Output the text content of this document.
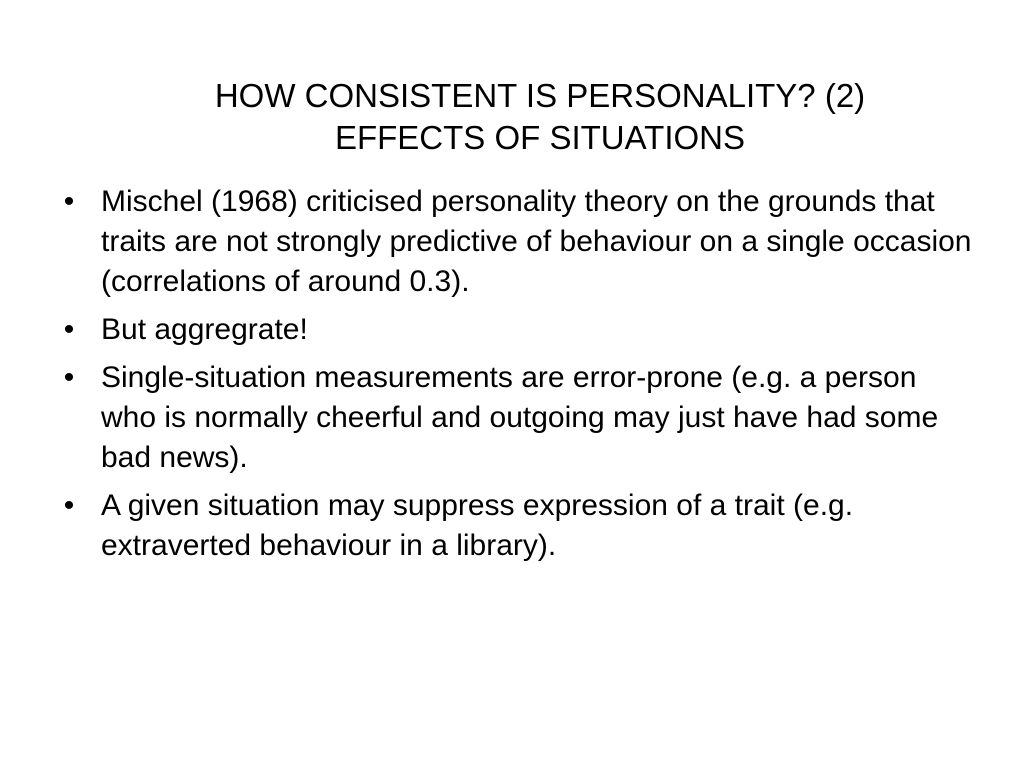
HOW CONSISTENT IS PERSONALITY? (2)
EFFECTS OF SITUATIONS
• Mischel (1968) criticised personality theory on the grounds that traits are not strongly predictive of behaviour on a single occasion (correlations of around 0.3).
• But aggregrate!
• Single-situation measurements are error-prone (e.g. a person who is normally cheerful and outgoing may just have had some bad news).
• A given situation may suppress expression of a trait (e.g. extraverted behaviour in a library).
